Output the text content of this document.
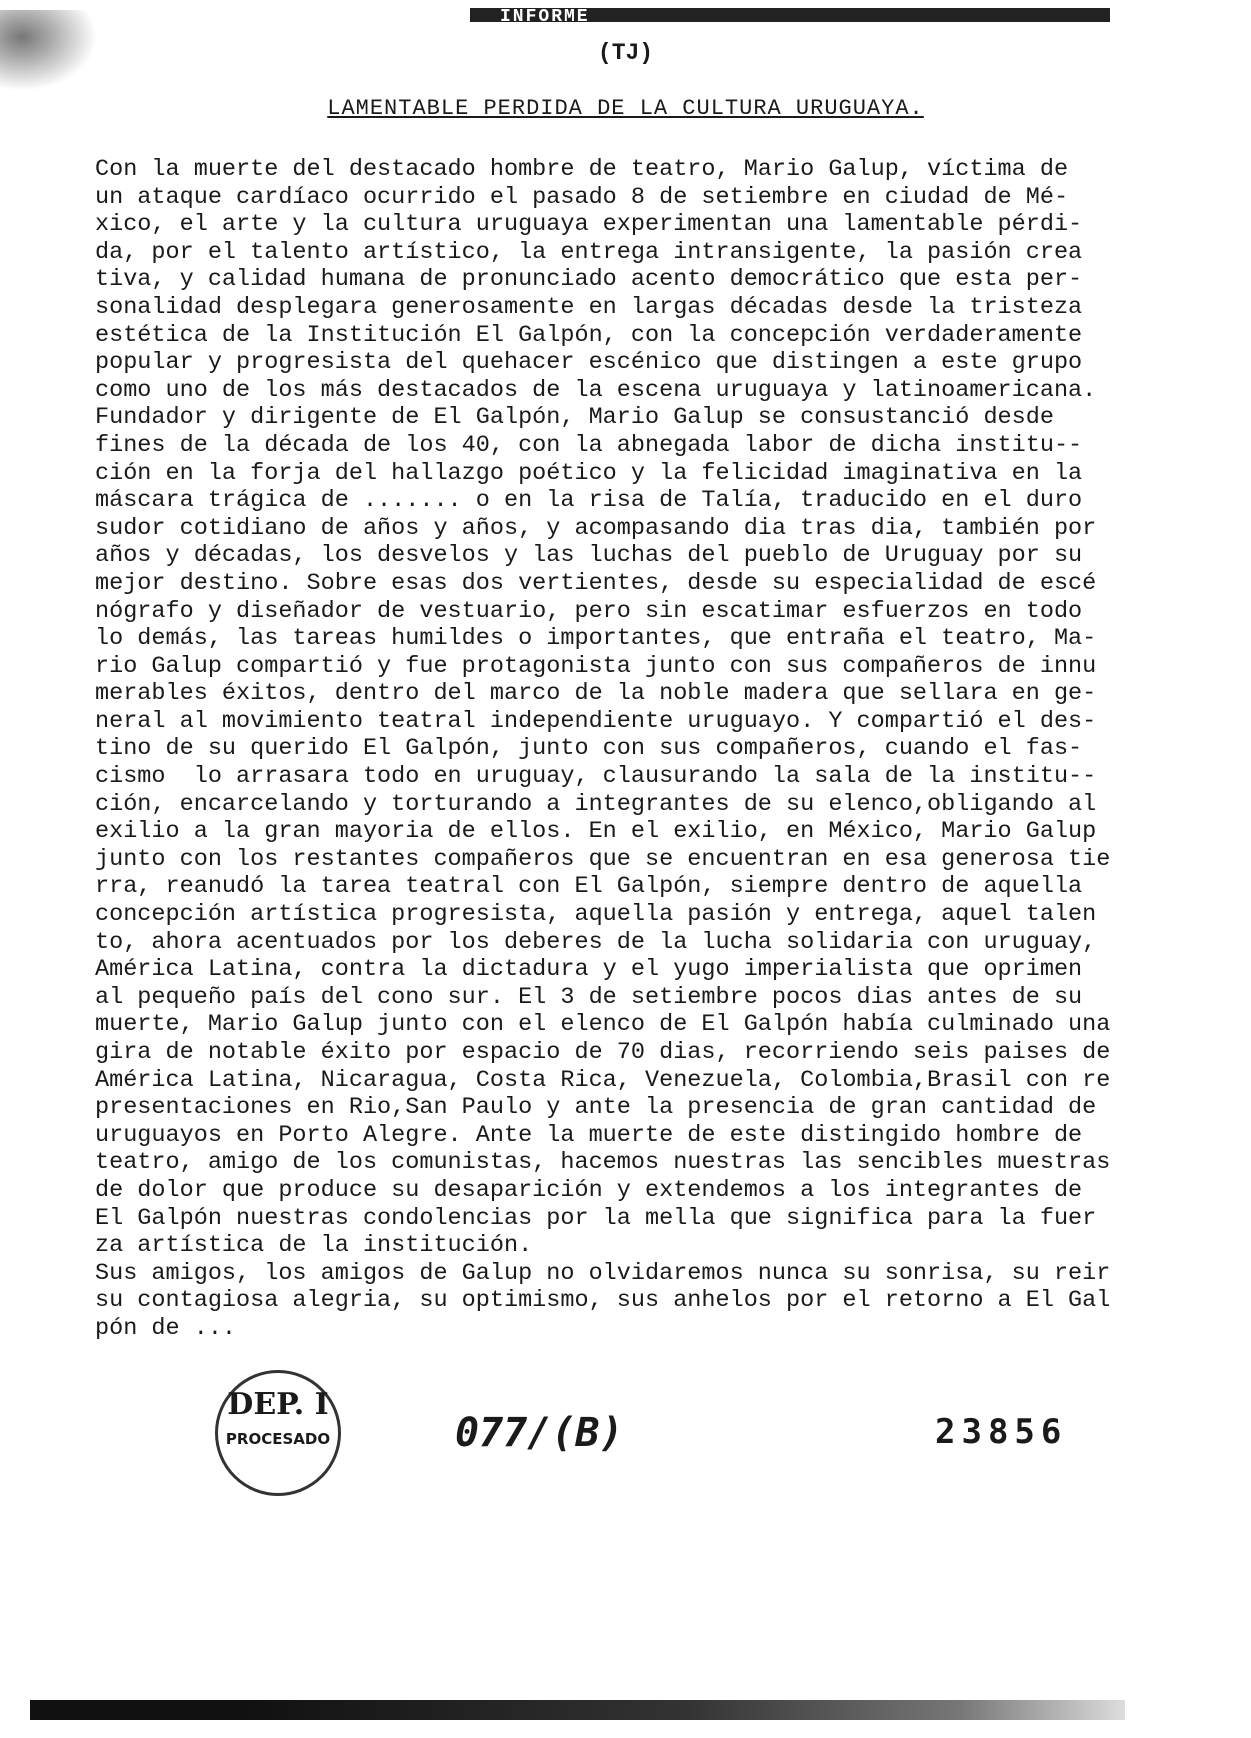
INFORME
(TJ)
LAMENTABLE PERDIDA DE LA CULTURA URUGUAYA.
Con la muerte del destacado hombre de teatro, Mario Galup, víctima de
un ataque cardíaco ocurrido el pasado 8 de setiembre en ciudad de Mé-
xico, el arte y la cultura uruguaya experimentan una lamentable pérdi-
da, por el talento artístico, la entrega intransigente, la pasión crea
tiva, y calidad humana de pronunciado acento democrático que esta per-
sonalidad desplegara generosamente en largas décadas desde la tristeza
estética de la Institución El Galpón, con la concepción verdaderamente
popular y progresista del quehacer escénico que distingen a este grupo
como uno de los más destacados de la escena uruguaya y latinoamericana.
Fundador y dirigente de El Galpón, Mario Galup se consustanció desde
fines de la década de los 40, con la abnegada labor de dicha institu--
ción en la forja del hallazgo poético y la felicidad imaginativa en la
máscara trágica de ....... o en la risa de Talía, traducido en el duro
sudor cotidiano de años y años, y acompasando dia tras dia, también por
años y décadas, los desvelos y las luchas del pueblo de Uruguay por su
mejor destino. Sobre esas dos vertientes, desde su especialidad de escé
nógrafo y diseñador de vestuario, pero sin escatimar esfuerzos en todo
lo demás, las tareas humildes o importantes, que entraña el teatro, Ma-
rio Galup compartió y fue protagonista junto con sus compañeros de innu
merables éxitos, dentro del marco de la noble madera que sellara en ge-
neral al movimiento teatral independiente uruguayo. Y compartió el des-
tino de su querido El Galpón, junto con sus compañeros, cuando el fas-
cismo  lo arrasara todo en uruguay, clausurando la sala de la institu--
ción, encarcelando y torturando a integrantes de su elenco,obligando al
exilio a la gran mayoria de ellos. En el exilio, en México, Mario Galup
junto con los restantes compañeros que se encuentran en esa generosa tie
rra, reanudó la tarea teatral con El Galpón, siempre dentro de aquella
concepción artística progresista, aquella pasión y entrega, aquel talen
to, ahora acentuados por los deberes de la lucha solidaria con uruguay,
América Latina, contra la dictadura y el yugo imperialista que oprimen
al pequeño país del cono sur. El 3 de setiembre pocos dias antes de su
muerte, Mario Galup junto con el elenco de El Galpón había culminado una
gira de notable éxito por espacio de 70 dias, recorriendo seis paises de
América Latina, Nicaragua, Costa Rica, Venezuela, Colombia,Brasil con re
presentaciones en Rio,San Paulo y ante la presencia de gran cantidad de
uruguayos en Porto Alegre. Ante la muerte de este distingido hombre de
teatro, amigo de los comunistas, hacemos nuestras las sencibles muestras
de dolor que produce su desaparición y extendemos a los integrantes de
El Galpón nuestras condolencias por la mella que significa para la fuer
za artística de la institución.
Sus amigos, los amigos de Galup no olvidaremos nunca su sonrisa, su reir
su contagiosa alegria, su optimismo, sus anhelos por el retorno a El Gal
pón de ...
DEP. I
PROCESADO	077/(B)	23856
